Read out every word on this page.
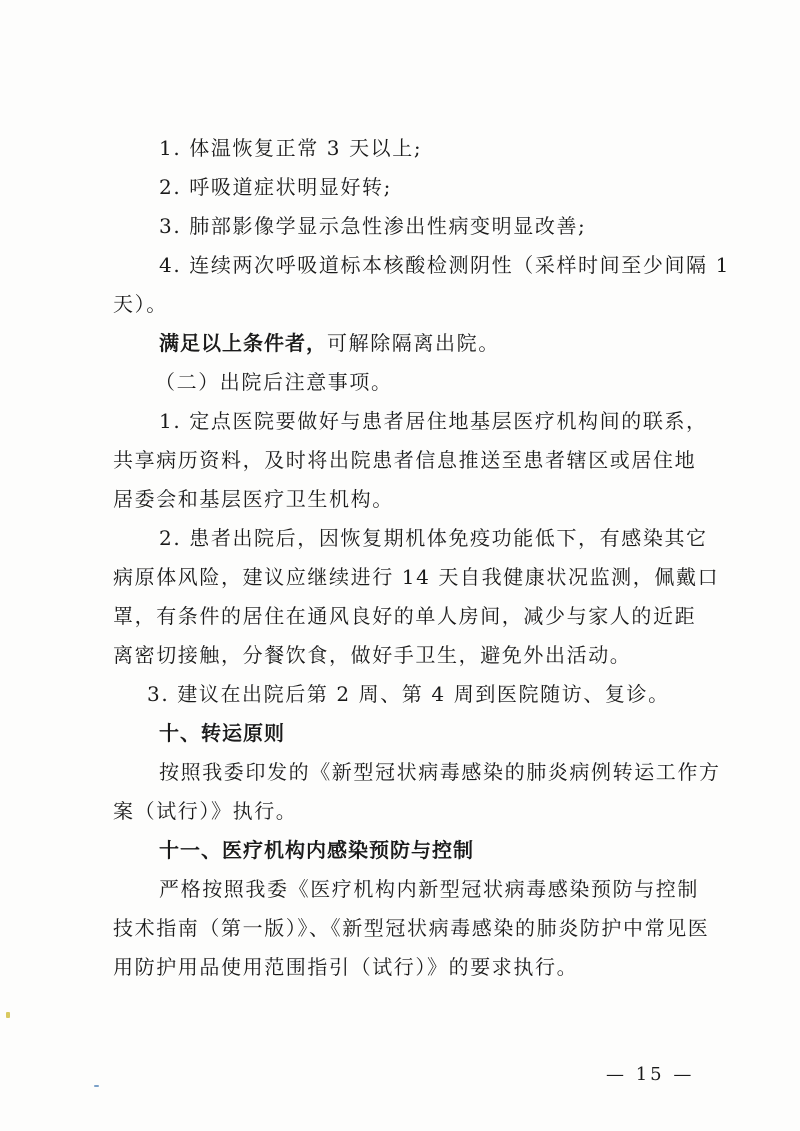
1. 体温恢复正常 3 天以上;
2. 呼吸道症状明显好转;
3. 肺部影像学显示急性渗出性病变明显改善;
4. 连续两次呼吸道标本核酸检测阴性（采样时间至少间隔 1
天）。
满足以上条件者，可解除隔离出院。
（二）出院后注意事项。
1. 定点医院要做好与患者居住地基层医疗机构间的联系，
共享病历资料，及时将出院患者信息推送至患者辖区或居住地
居委会和基层医疗卫生机构。
2. 患者出院后，因恢复期机体免疫功能低下，有感染其它
病原体风险，建议应继续进行 14 天自我健康状况监测，佩戴口
罩，有条件的居住在通风良好的单人房间，减少与家人的近距
离密切接触，分餐饮食，做好手卫生，避免外出活动。
3. 建议在出院后第 2 周、第 4 周到医院随访、复诊。
十、转运原则
按照我委印发的《新型冠状病毒感染的肺炎病例转运工作方
案（试行）》执行。
十一、医疗机构内感染预防与控制
严格按照我委《医疗机构内新型冠状病毒感染预防与控制
技术指南（第一版）》、《新型冠状病毒感染的肺炎防护中常见医
用防护用品使用范围指引（试行）》的要求执行。
— 15 —
